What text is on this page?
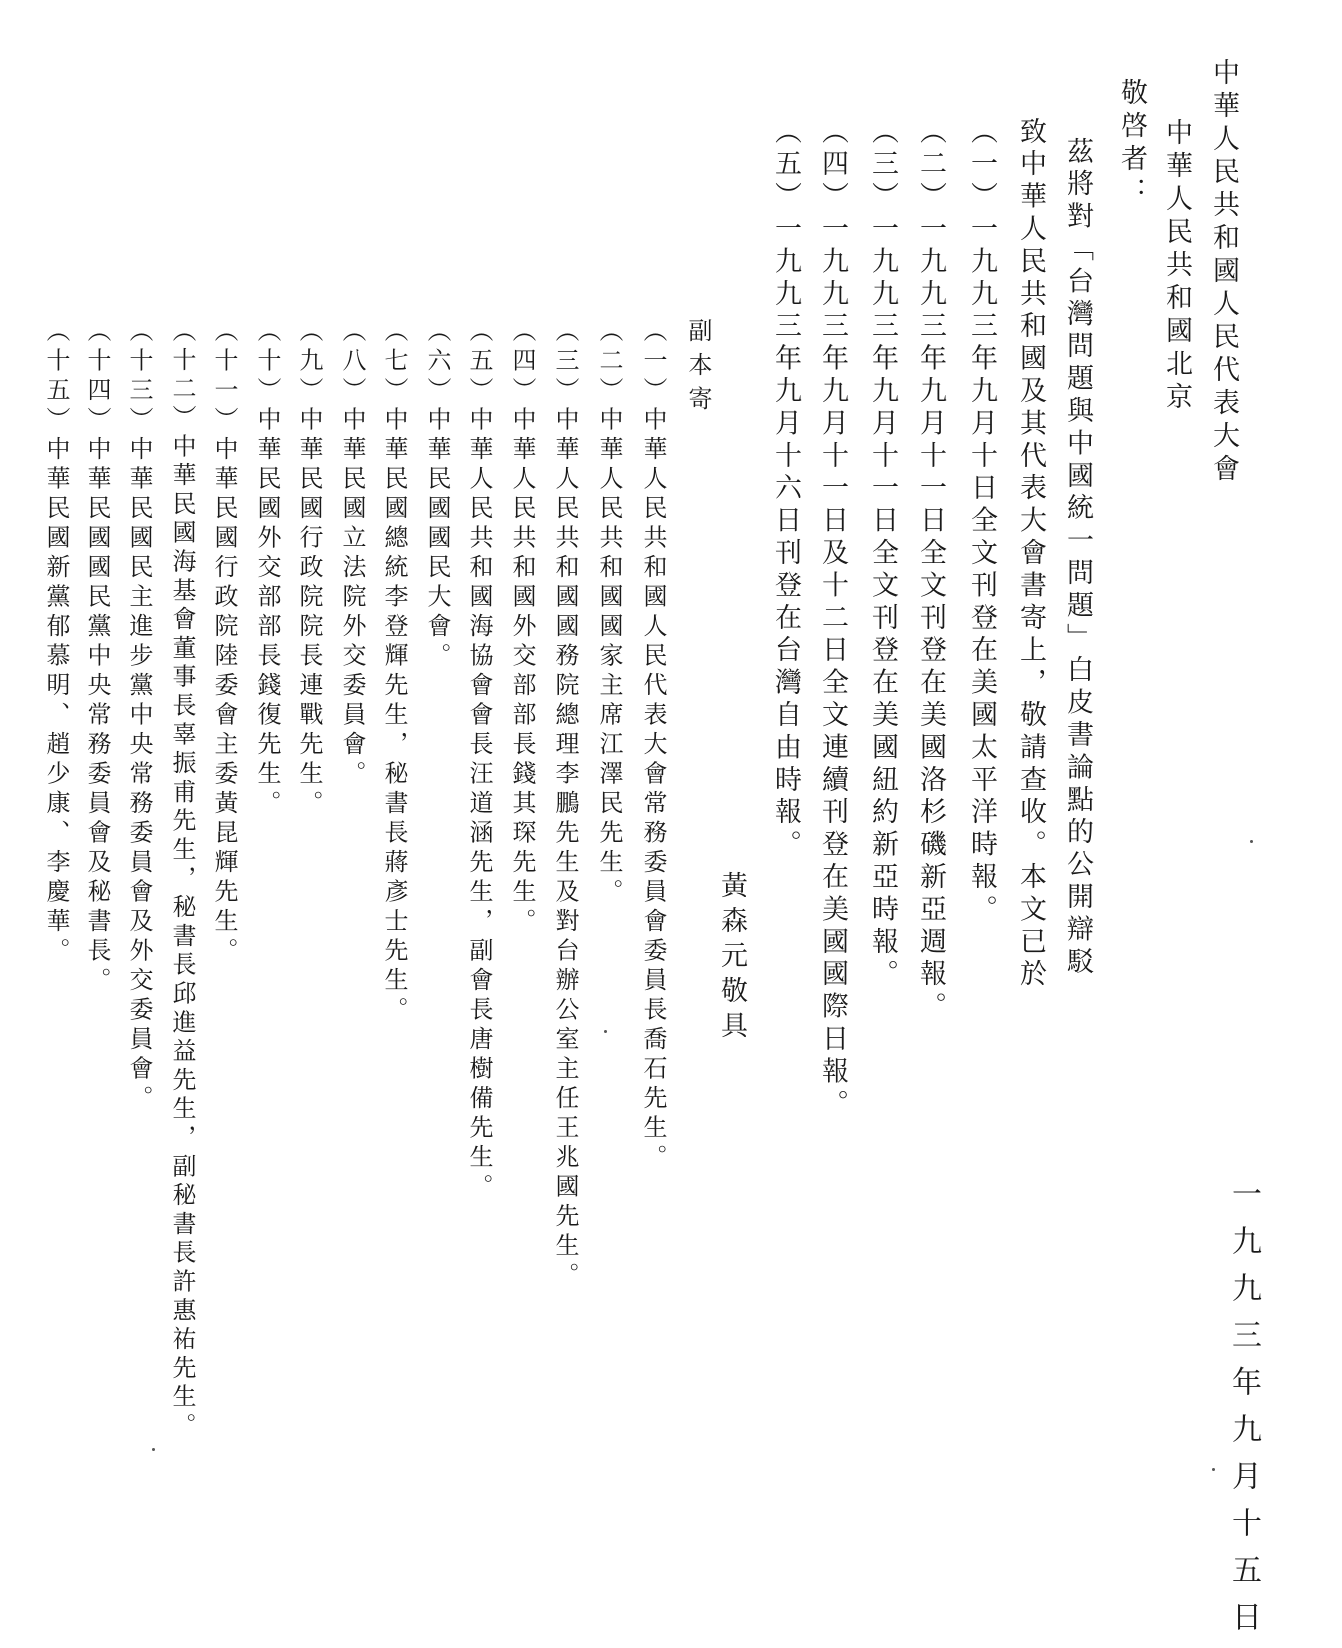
中華人民共和國人民代表大會
中華人民共和國北京
敬啓者：
茲將對「台灣問題與中國統一問題」白皮書論點的公開辯駁
致中華人民共和國及其代表大會書寄上，敬請查收。本文已於
（一）一九九三年九月十日全文刊登在美國太平洋時報。
（二）一九九三年九月十一日全文刊登在美國洛杉磯新亞週報。
（三）一九九三年九月十一日全文刊登在美國紐約新亞時報。
（四）一九九三年九月十一日及十二日全文連續刊登在美國國際日報。
（五）一九九三年九月十六日刊登在台灣自由時報。
黃森元敬具
一九九三年九月十五日
副本寄
（一）中華人民共和國人民代表大會常務委員會委員長喬石先生。
（二）中華人民共和國國家主席江澤民先生。
（三）中華人民共和國國務院總理李鵬先生及對台辦公室主任王兆國先生。
（四）中華人民共和國外交部部長錢其琛先生。
（五）中華人民共和國海協會會長汪道涵先生，副會長唐樹備先生。
（六）中華民國國民大會。
（七）中華民國總統李登輝先生，秘書長蔣彥士先生。
（八）中華民國立法院外交委員會。
（九）中華民國行政院院長連戰先生。
（十）中華民國外交部部長錢復先生。
（十一）中華民國行政院陸委會主委黃昆輝先生。
（十二）中華民國海基會董事長辜振甫先生，秘書長邱進益先生，副秘書長許惠祐先生。
（十三）中華民國民主進步黨中央常務委員會及外交委員會。
（十四）中華民國國民黨中央常務委員會及秘書長。
（十五）中華民國新黨郁慕明、趙少康、李慶華。
